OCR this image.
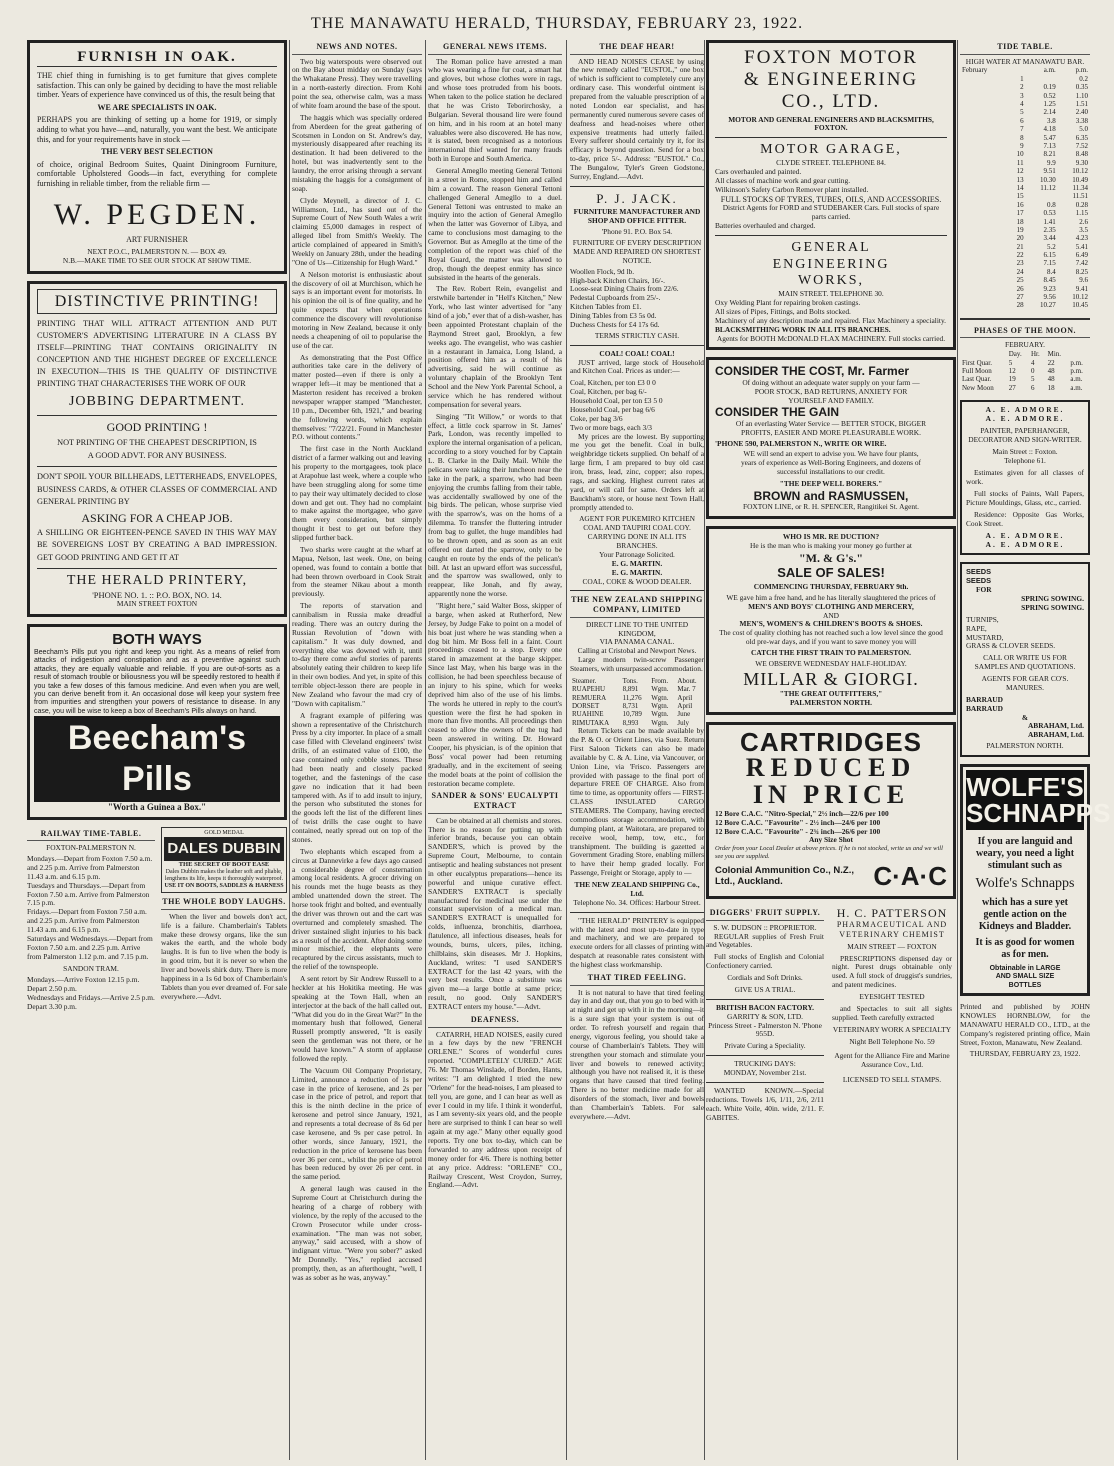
THE MANAWATU HERALD, THURSDAY, FEBRUARY 23, 1922.
FURNISH IN OAK.
THE chief thing in furnishing is to get furniture that gives complete satisfaction. This can only be gained by deciding to have the most reliable timber. Years of experience have convinced us of this, the result being that
WE ARE SPECIALISTS IN OAK.
PERHAPS you are thinking of setting up a home for 1919, or simply adding to what you have—and, naturally, you want the best. We anticipate this, and for your requirements have in stock —
THE VERY BEST SELECTION
of choice, original Bedroom Suites, Quaint Diningroom Furniture, comfortable Upholstered Goods—in fact, everything for complete furnishing in reliable timber, from the reliable firm —
W. PEGDEN.
ART FURNISHER
NEXT P.O.C., PALMERSTON N. — BOX 49.
N.B.—MAKE TIME TO SEE OUR STOCK AT SHOW TIME.
DISTINCTIVE PRINTING!
PRINTING THAT WILL ATTRACT ATTENTION AND PUT CUSTOMER'S ADVERTISING LITERATURE IN A CLASS BY ITSELF—PRINTING THAT CONTAINS ORIGINALITY IN CONCEPTION AND THE HIGHEST DEGREE OF EXCELLENCE IN EXECUTION—THIS IS THE QUALITY OF DISTINCTIVE PRINTING THAT CHARACTERISES THE WORK OF OUR
JOBBING DEPARTMENT.
GOOD PRINTING !
NOT PRINTING OF THE CHEAPEST DESCRIPTION, IS A GOOD ADVT. FOR ANY BUSINESS.
DON'T SPOIL YOUR BILLHEADS, LETTERHEADS, ENVELOPES, BUSINESS CARDS, & OTHER CLASSES OF COMMERCIAL AND GENERAL PRINTING BY
ASKING FOR A CHEAP JOB.
A SHILLING OR EIGHTEEN-PENCE SAVED IN THIS WAY MAY BE SOVEREIGNS LOST BY CREATING A BAD IMPRESSION. GET GOOD PRINTING AND GET IT AT
THE HERALD PRINTERY,
'PHONE NO. 1. :: P.O. BOX, NO. 14.
MAIN STREET FOXTON
BOTH WAYS
Beecham's Pills put you right and keep you right. As a means of relief from attacks of indigestion and constipation and as a preventive against such attacks, they are equally valuable and reliable. If you are out-of-sorts as a result of stomach trouble or biliousness you will be speedily restored to health if you take a few doses of this famous medicine. And even when you are well, you can derive benefit from it. An occasional dose will keep your system free from impurities and strengthen your powers of resistance to disease. In any case, you will be wise to keep a box of Beecham's Pills always on hand.
Beecham's Pills
"Worth a Guinea a Box."
RAILWAY TIME-TABLE.
FOXTON-PALMERSTON N.
Mondays.—Depart from Foxton 7.50 a.m. and 2.25 p.m. Arrive from Palmerston 11.43 a.m. and 6.15 p.m.
Tuesdays and Thursdays.—Depart from Foxton 7.50 a.m. Arrive from Palmerston 7.15 p.m.
Fridays.—Depart from Foxton 7.50 a.m. and 2.25 p.m. Arrive from Palmerston 11.43 a.m. and 6.15 p.m.
Saturdays and Wednesdays.—Depart from Foxton 7.50 a.m. and 2.25 p.m. Arrive from Palmerston 1.12 p.m. and 7.15 p.m.
SANDON TRAM.
Mondays.—Arrive Foxton 12.15 p.m. Depart 2.50 p.m.
Wednesdays and Fridays.—Arrive 2.5 p.m. Depart 3.30 p.m.
GOLD MEDAL
DALES DUBBIN
THE SECRET OF BOOT EASE
Dales Dubbin makes the leather soft and pliable, lengthens its life, keeps it thoroughly waterproof.
USE IT ON BOOTS, SADDLES & HARNESS
THE WHOLE BODY LAUGHS.

When the liver and bowels don't act, life is a failure. Chamberlain's Tablets make these drowsy organs, like the sun wakes the earth, and the whole body laughs. It is fun to live when the body is in good trim, but it is never so when the liver and bowels shirk duty. There is more happiness in a 1s 6d box of Chamberlain's Tablets than you ever dreamed of. For sale everywhere.—Advt.

NEWS AND NOTES.

Two big waterspouts were observed out on the Bay about midday on Sunday (says the Whakatane Press). They were travelling in a north-easterly direction. From Kohi point the sea, otherwise calm, was a mass of white foam around the base of the spout.

The haggis which was specially ordered from Aberdeen for the great gathering of Scotsmen in London on St. Andrew's day, mysteriously disappeared after reaching its destination. It had been delivered to the hotel, but was inadvertently sent to the laundry, the error arising through a servant mistaking the haggis for a consignment of soap.

Clyde Meynell, a director of J. C. Williamson, Ltd., has sued out of the Supreme Court of New South Wales a writ claiming £5,000 damages in respect of alleged libel from Smith's Weekly. The article complained of appeared in Smith's Weekly on January 28th, under the heading "One of Us—Citizenship for Hugh Ward."

A Nelson motorist is enthusiastic about the discovery of oil at Murchison, which he says is an important event for motorists. In his opinion the oil is of fine quality, and he quite expects that when operations commence the discovery will revolutionise motoring in New Zealand, because it only needs a cheapening of oil to popularise the use of the car.

As demonstrating that the Post Office authorities take care in the delivery of matter posted—even if there is only a wrapper left—it may be mentioned that a Masterton resident has received a broken newspaper wrapper stamped "Manchester, 10 p.m., December 6th, 1921," and bearing the following words, which explain themselves: "7/22/21. Found in Manchester P.O. without contents."

The first case in the North Auckland district of a farmer walking out and leaving his property to the mortgagees, took place at Arapohue last week, where a couple who have been struggling along for some time to pay their way ultimately decided to close down and get out. They had no complaint to make against the mortgagee, who gave them every consideration, but simply thought it best to get out before they slipped further back.

Two sharks were caught at the wharf at Mapua, Nelson, last week. One, on being opened, was found to contain a bottle that had been thrown overboard in Cook Strait from the steamer Nikau about a month previously.

The reports of starvation and cannibalism in Russia make dreadful reading. There was an outcry during the Russian Revolution of "down with capitalism." It was duly downed, and everything else was downed with it, until to-day there come awful stories of parents absolutely eating their children to keep life in their own bodies. And yet, in spite of this terrible object-lesson there are people in New Zealand who favour the mad cry of "Down with capitalism."

A fragrant example of pilfering was shown a representative of the Christchurch Press by a city importer. In place of a small case filled with Cleveland engineers' twist drills, of an estimated value of £100, the case contained only cobble stones. These had been neatly and closely packed together, and the fastenings of the case gave no indication that it had been tampered with. As if to add insult to injury, the person who substituted the stones for the goods left the list of the different lines of twist drills the case ought to have contained, neatly spread out on top of the stones.

Two elephants which escaped from a circus at Dannevirke a few days ago caused a considerable degree of consternation among local residents. A grocer driving on his rounds met the huge beasts as they ambled unattended down the street. The horse took fright and bolted, and eventually the driver was thrown out and the cart was overturned and completely smashed. The driver sustained slight injuries to his back as a result of the accident. After doing some minor mischief, the elephants were recaptured by the circus assistants, much to the relief of the townspeople.

A sent retort by Sir Andrew Russell to a heckler at his Hokitika meeting. He was speaking at the Town Hall, when an interjector at the back of the hall called out, "What did you do in the Great War?" In the momentary hush that followed, General Russell promptly answered, "It is easily seen the gentleman was not there, or he would have known." A storm of applause followed the reply.

The Vacuum Oil Company Proprietary, Limited, announce a reduction of 1s per case in the price of kerosene, and 2s per case in the price of petrol, and report that this is the ninth decline in the price of kerosene and petrol since January, 1921, and represents a total decrease of 8s 6d per case kerosene, and 9s per case petrol. In other words, since January, 1921, the reduction in the price of kerosene has been over 36 per cent., whilst the price of petrol has been reduced by over 26 per cent. in the same period.

A general laugh was caused in the Supreme Court at Christchurch during the hearing of a charge of robbery with violence, by the reply of the accused to the Crown Prosecutor while under cross-examination. "The man was not sober, anyway," said accused, with a show of indignant virtue. "Were you sober?" asked Mr Donnelly. "Yes," replied accused promptly, then, as an afterthought, "well, I was as sober as he was, anyway."

GENERAL NEWS ITEMS.

The Roman police have arrested a man who was wearing a fine fur coat, a smart hat and gloves, but whose clothes were in rags, and whose toes protruded from his boots. When taken to the police station he declared that he was Cristo Teborirchosky, a Bulgarian. Several thousand lire were found on him, and in his room at an hotel many valuables were also discovered. He has now, it is stated, been recognised as a notorious international thief wanted for many frauds both in Europe and South America.

General Amegllo meeting General Tettoni in a street in Rome, stopped him and called him a coward. The reason General Tettoni challenged General Amegllo to a duel. General Tettoni was entrusted to make an inquiry into the action of General Amegllo when the latter was Governor of Libya, and came to conclusions most damaging to the Governor. But as Amegllo at the time of the completion of the report was chief of the Royal Guard, the matter was allowed to drop, though the deepest enmity has since subsisted in the hearts of the generals.

The Rev. Robert Rein, evangelist and erstwhile bartender in "Hell's Kitchen," New York, who last winter advertised for "any kind of a job," ever that of a dish-washer, has been appointed Protestant chaplain of the Raymond Street gaol, Brooklyn, a few weeks ago. The evangelist, who was cashier in a restaurant in Jamaica, Long Island, a position offered him as a result of his advertising, said he will continue as voluntary chaplain of the Brooklyn Tent School and the New York Parental School, a service which he has rendered without compensation for several years.

Singing "Tit Willow," or words to that effect, a little cock sparrow in St. James' Park, London, was recently impelled to explore the internal organisation of a pelican, according to a story vouched for by Captain L. B. Clarke in the Daily Mail. While the pelicans were taking their luncheon near the lake in the park, a sparrow, who had been enjoying the crumbs falling from their table, was accidentally swallowed by one of the big birds. The pelican, whose surprise vied with the sparrow's, was on the horns of a dilemma. To transfer the fluttering intruder from bag to gullet, the huge mandibles had to be thrown open, and as soon as an exit offered out darted the sparrow, only to be caught en route by the ends of the pelican's bill. At last an upward effort was successful, and the sparrow was swallowed, only to reappear, like Jonah, and fly away, apparently none the worse.

"Right here," said Walter Boss, skipper of a barge, when asked at Rutherford, New Jersey, by Judge Fake to point on a model of his boat just where he was standing when a dog bit him. Mr Boss fell in a faint. Court proceedings ceased to a stop. Every one stared in amazement at the barge skipper. Since last May, when his barge was in the collision, he had been speechless because of an injury to his spine, which for weeks deprived him also of the use of his limbs. The words he uttered in reply to the court's question were the first he had spoken in more than five months. All proceedings then ceased to allow the owners of the tug had been answered in writing. Dr. Howard Cooper, his physician, is of the opinion that Boss' vocal power had been returning gradually, and in the excitement of seeing the model boats at the point of collision the restoration became complete.

SANDER & SONS' EUCALYPTI EXTRACT

Can be obtained at all chemists and stores. There is no reason for putting up with inferior brands, because you can obtain SANDER'S, which is proved by the Supreme Court, Melbourne, to contain antiseptic and healing substances not present in other eucalyptus preparations—hence its powerful and unique curative effect. SANDER'S EXTRACT is specially manufactured for medicinal use under the constant supervision of a medical man. SANDER'S EXTRACT is unequalled for colds, influenza, bronchitis, diarrhoea, flatulence, all infectious diseases, heals for wounds, burns, ulcers, piles, itching, chilblains, skin diseases. Mr J. Hopkins, Auckland, writes: "I used SANDER'S EXTRACT for the last 42 years, with the very best results. Once a substitute was given me—a large bottle at same price; result, no good. Only SANDER'S EXTRACT enters my house."—Advt.

DEAFNESS.

CATARRH, HEAD NOISES, easily cured in a few days by the new "FRENCH ORLENE." Scores of wonderful cures reported. "COMPLETELY CURED." AGE 76. Mr Thomas Winslade, of Borden, Hants, writes: "I am delighted I tried the new "Orlene" for the head-noises, I am pleased to tell you, are gone, and I can hear as well as ever I could in my life. I think it wonderful, as I am seventy-six years old, and the people here are surprised to think I can hear so well again at my age." Many other equally good reports. Try one box to-day, which can be forwarded to any address upon receipt of money order for 4/6. There is nothing better at any price. Address: "ORLENE" CO., Railway Crescent, West Croydon, Surrey, England.—Advt.

THE DEAF HEAR!

AND HEAD NOISES CEASE by using the new remedy called "EUSTOL," one box of which is sufficient to completely cure any ordinary case. This wonderful ointment is prepared from the valuable prescription of a noted London ear specialist, and has permanently cured numerous severe cases of deafness and head-noises where other expensive treatments had utterly failed. Every sufferer should certainly try it, for its efficacy is beyond question. Send for a box to-day, price 5/-. Address: "EUSTOL" Co., The Bungalow, Tyler's Green Godstone, Surrey, England.—Advt.

P. J. JACK.
FURNITURE MANUFACTURER AND SHOP AND OFFICE FITTER.
'Phone 91. P.O. Box 54.
FURNITURE OF EVERY DESCRIPTION MADE AND REPAIRED ON SHORTEST NOTICE.
Woollen Flock, 9d lb.
High-back Kitchen Chairs, 16/-.
Loose-seat Dining Chairs from 22/6.
Pedestal Cupboards from 25/-.
Kitchen Tables from £1.
Dining Tables from £3 5s 0d.
Duchess Chests for £4 17s 6d.
TERMS STRICTLY CASH.
COAL! COAL! COAL!

JUST arrived, large stock of Household and Kitchen Coal. Prices as under:—

Coal, Kitchen, per ton £3 0 0
Coal, Kitchen, per bag 6/-
Household Coal, per ton £3 5 0
Household Coal, per bag 6/6
Coke, per bag 3/6
Two or more bags, each 3/3

My prices are the lowest. By supporting me you get the benefit. Coal in bulk, weighbridge tickets supplied. On behalf of a large firm, I am prepared to buy old cast iron, brass, lead, zinc, copper; also ropes, rags, and sacking. Highest current rates at yard, or will call for same. Orders left at Bauckham's store, or house next Town Hall, promptly attended to.

AGENT FOR PUKEMIRO KITCHEN COAL AND TAUPIRI COAL COY.
CARRYING DONE IN ALL ITS BRANCHES.
Your Patronage Solicited.
E. G. MARTIN.
E. G. MARTIN.
COAL, COKE & WOOD DEALER.
THE NEW ZEALAND SHIPPING COMPANY, LIMITED
DIRECT LINE TO THE UNITED KINGDOM,
VIA PANAMA CANAL.
Calling at Cristobal and Newport News.

Large modern twin-screw Passenger Steamers, with unsurpassed accommodation.

Steamer.	Tons.	From.	About.
RUAPEHU	8,891	Wgtn.	Mar. 7
REMUERA	11,276	Wgtn.	April
DORSET	8,731	Wgtn.	April
RUAHINE	10,789	Wgtn.	June
RIMUTAKA	8,993	Wgtn.	July

Return Tickets can be made available by the P. & O. or Orient Lines, via Suez. Return First Saloon Tickets can also be made available by C. & A. Line, via Vancouver, or Union Line, via 'Frisco. Passengers are provided with passage to the final port of departure FREE OF CHARGE. Also from time to time, as opportunity offers — FIRST-CLASS INSULATED CARGO STEAMERS. The Company, having erected commodious storage accommodation, with dumping plant, at Waitotara, are prepared to receive wool, hemp, tow, etc., for transhipment. The building is gazetted a Government Grading Store, enabling millers to have their hemp graded locally. For Passenge, Freight or Storage, apply to —

THE NEW ZEALAND SHIPPING Co., Ltd.
Telephone No. 34. Offices: Harbour Street.

"THE HERALD" PRINTERY is equipped with the latest and most up-to-date in type and machinery, and we are prepared to execute orders for all classes of printing with despatch at reasonable rates consistent with the highest class workmanship.

THAT TIRED FEELING.

It is not natural to have that tired feeling day in and day out, that you go to bed with it at night and get up with it in the morning—it is a sure sign that your system is out of order. To refresh yourself and regain that energy, vigorous feeling, you should take a course of Chamberlain's Tablets. They will strengthen your stomach and stimulate your liver and bowels to renewed activity; although you have not realised it, it is these organs that have caused that tired feeling. There is no better medicine made for all disorders of the stomach, liver and bowels than Chamberlain's Tablets. For sale everywhere.—Advt.

FOXTON MOTOR & ENGINEERING CO., LTD.
MOTOR AND GENERAL ENGINEERS AND BLACKSMITHS, FOXTON.
MOTOR GARAGE,
CLYDE STREET. TELEPHONE 84.
Cars overhauled and painted.
All classes of machine work and gear cutting.
Wilkinson's Safety Carbon Remover plant installed.
FULL STOCKS OF TYRES, TUBES, OILS, AND ACCESSORIES.
District Agents for FORD and STUDEBAKER Cars. Full stocks of spare parts carried.
Batteries overhauled and charged.
GENERAL ENGINEERING WORKS,
MAIN STREET. TELEPHONE 30.
Oxy Welding Plant for repairing broken castings.
All sizes of Pipes, Fittings, and Bolts stocked.
Machinery of any description made and repaired. Flax Machinery a speciality.
BLACKSMITHING WORK IN ALL ITS BRANCHES.
Agents for BOOTH McDONALD FLAX MACHINERY. Full stocks carried.
CONSIDER THE COST, Mr. Farmer
Of doing without an adequate water supply on your farm — POOR STOCK, BAD RETURNS, ANXIETY FOR YOURSELF AND FAMILY.
CONSIDER THE GAIN
Of an everlasting Water Service — BETTER STOCK, BIGGER PROFITS, EASIER AND MORE PLEASURABLE WORK.
'PHONE 590, PALMERSTON N., WRITE OR WIRE.
WE will send an expert to advise you. We have four plants, years of experience as Well-Boring Engineers, and dozens of successful installations to our credit.
"THE DEEP WELL BORERS."
BROWN and RASMUSSEN,
FOXTON LINE, or R. H. SPENCER, Rangitikei St. Agent.
WHO IS MR. RE DUCTION?
He is the man who is making your money go further at
"M. & G's."
SALE OF SALES!
COMMENCING THURSDAY, FEBRUARY 9th.
WE gave him a free hand, and he has literally slaughtered the prices of
MEN'S AND BOYS' CLOTHING AND MERCERY,
AND
MEN'S, WOMEN'S & CHILDREN'S BOOTS & SHOES.
The cost of quality clothing has not reached such a low level since the good old pre-war days, and if you want to save money you will
CATCH THE FIRST TRAIN TO PALMERSTON.
WE OBSERVE WEDNESDAY HALF-HOLIDAY.
MILLAR & GIORGI.
"THE GREAT OUTFITTERS,"
PALMERSTON NORTH.
CARTRIDGES
REDUCED
IN PRICE
12 Bore C.A.C. "Nitro-Special," 2½ inch—22/6 per 100
12 Bore C.A.C. "Favourite" - 2½ inch—24/6 per 100
12 Bore C.A.C. "Favourite" - 2¾ inch—26/6 per 100
Any Size Shot
Order from your Local Dealer at above prices. If he is not stocked, write us and we will see you are supplied.
Colonial Ammunition Co., N.Z., Ltd., Auckland.	C·A·C
DIGGERS' FRUIT SUPPLY.
S. W. DUDSON :: PROPRIETOR.

REGULAR supplies of Fresh Fruit and Vegetables.

Full stocks of English and Colonial Confectionery carried.

Cordials and Soft Drinks.
GIVE US A TRIAL.
BRITISH BACON FACTORY.
GARRITY & SON, LTD.
Princess Street - Palmerston N. 'Phone 955D.
Private Curing a Speciality.
TRUCKING DAYS:
MONDAY, November 21st.

WANTED KNOWN.—Special reductions. Towels 1/6, 1/11, 2/6, 2/11 each. White Voile, 40in. wide, 2/11. F. GABITES.

H. C. PATTERSON
PHARMACEUTICAL AND VETERINARY CHEMIST
MAIN STREET — FOXTON

PRESCRIPTIONS dispensed day or night. Purest drugs obtainable only used. A full stock of druggist's sundries, and patent medicines.

EYESIGHT TESTED

and Spectacles to suit all sights supplied. Teeth carefully extracted

VETERINARY WORK A SPECIALTY
Night Bell Telephone No. 59
Agent for the Alliance Fire and Marine Assurance Cov., Ltd.
LICENSED TO SELL STAMPS.
TIDE TABLE.
HIGH WATER AT MANAWATU BAR.
February		a.m.	p.m.
	1		0.2
	2	0.19	0.35
	3	0.52	1.10
	4	1.25	1.51
	5	2.14	2.40
	6	3.8	3.38
	7	4.18	5.0
	8	5.47	6.35
	9	7.13	7.52
	10	8.21	8.48
	11	9.9	9.30
	12	9.51	10.12
	13	10.30	10.49
	14	11.12	11.34
	15		11.51
	16	0.8	0.28
	17	0.53	1.15
	18	1.41	2.6
	19	2.35	3.5
	20	3.44	4.23
	21	5.2	5.41
	22	6.15	6.49
	23	7.15	7.42
	24	8.4	8.25
	25	8.45	9.6
	26	9.23	9.41
	27	9.56	10.12
	28	10.27	10.45
PHASES OF THE MOON.
FEBRUARY.
	Day.	Hr.	Min.	
First Quar.	5	4	22	p.m.
Full Moon	12	0	48	p.m.
Last Quar.	19	5	48	a.m.
New Moon	27	6	18	a.m.
A. E. ADMORE.
A. E. ADMORE.
PAINTER, PAPERHANGER, DECORATOR AND SIGN-WRITER.
Main Street :: Foxton.
Telephone 61.

Estimates given for all classes of work.

Full stocks of Paints, Wall Papers, Picture Mouldings, Glass, etc., carried.

Residence: Opposite Gas Works, Cook Street.

A. E. ADMORE.
A. E. ADMORE.
SEEDS
SEEDS
FOR
SPRING SOWING.
SPRING SOWING.
TURNIPS,
RAPE,
MUSTARD,
GRASS & CLOVER SEEDS.
CALL OR WRITE US FOR SAMPLES AND QUOTATIONS.
AGENTS FOR GEAR CO'S. MANURES.
BARRAUD
BARRAUD
&
ABRAHAM, Ltd.
ABRAHAM, Ltd.
PALMERSTON NORTH.
WOLFE'S SCHNAPPS
If you are languid and weary, you need a light stimulant such as
Wolfe's Schnapps
which has a sure yet gentle action on the Kidneys and Bladder.
It is as good for women as for men.
Obtainable in LARGE AND SMALL SIZE BOTTLES

Printed and published by JOHN KNOWLES HORNBLOW, for the MANAWATU HERALD CO., LTD., at the Company's registered printing office, Main Street, Foxton, Manawatu, New Zealand.

THURSDAY, FEBRUARY 23, 1922.
